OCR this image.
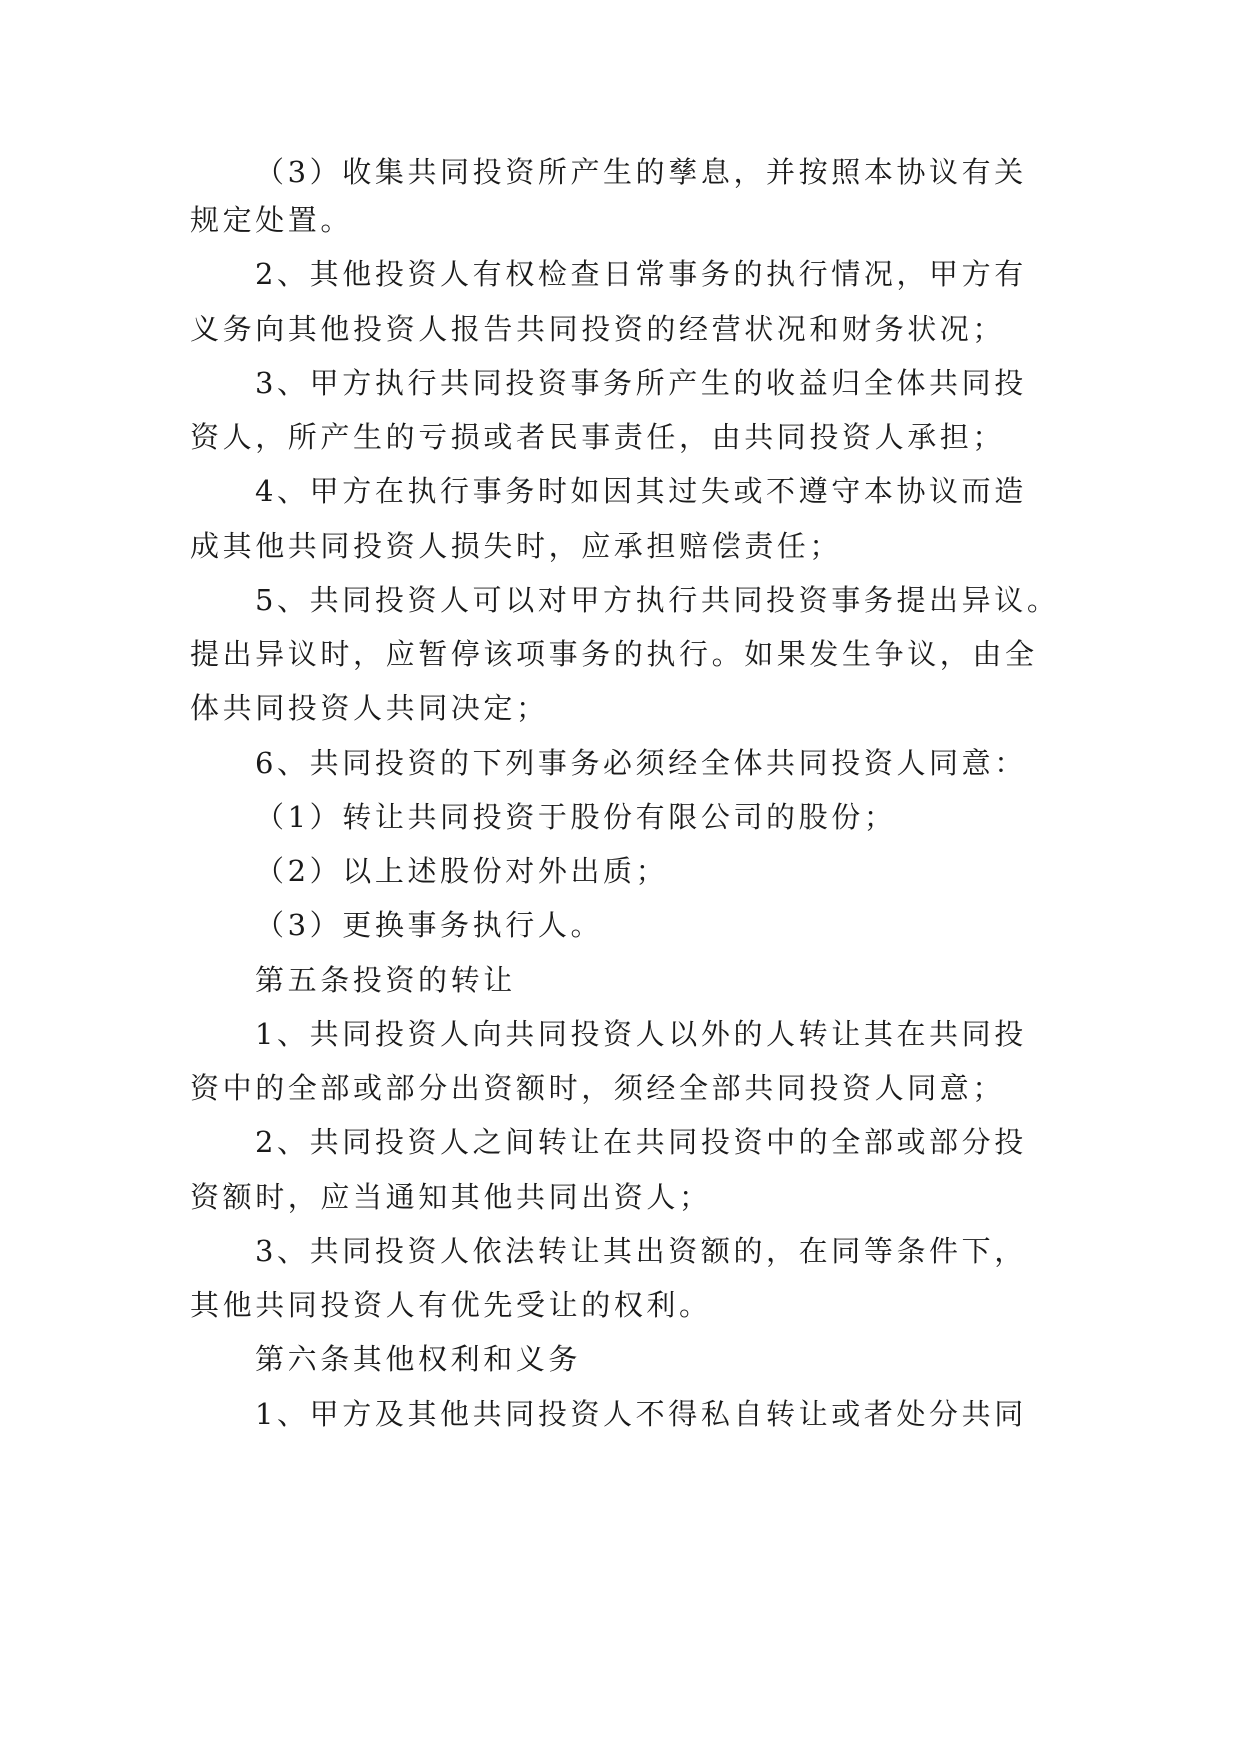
（3）收集共同投资所产生的孳息，并按照本协议有关
规定处置。
2、其他投资人有权检查日常事务的执行情况，甲方有
义务向其他投资人报告共同投资的经营状况和财务状况；
3、甲方执行共同投资事务所产生的收益归全体共同投
资人，所产生的亏损或者民事责任，由共同投资人承担；
4、甲方在执行事务时如因其过失或不遵守本协议而造
成其他共同投资人损失时，应承担赔偿责任；
5、共同投资人可以对甲方执行共同投资事务提出异议。
提出异议时，应暂停该项事务的执行。如果发生争议，由全
体共同投资人共同决定；
6、共同投资的下列事务必须经全体共同投资人同意：
（1）转让共同投资于股份有限公司的股份；
（2）以上述股份对外出质；
（3）更换事务执行人。
第五条投资的转让
1、共同投资人向共同投资人以外的人转让其在共同投
资中的全部或部分出资额时，须经全部共同投资人同意；
2、共同投资人之间转让在共同投资中的全部或部分投
资额时，应当通知其他共同出资人；
3、共同投资人依法转让其出资额的，在同等条件下，
其他共同投资人有优先受让的权利。
第六条其他权利和义务
1、甲方及其他共同投资人不得私自转让或者处分共同
